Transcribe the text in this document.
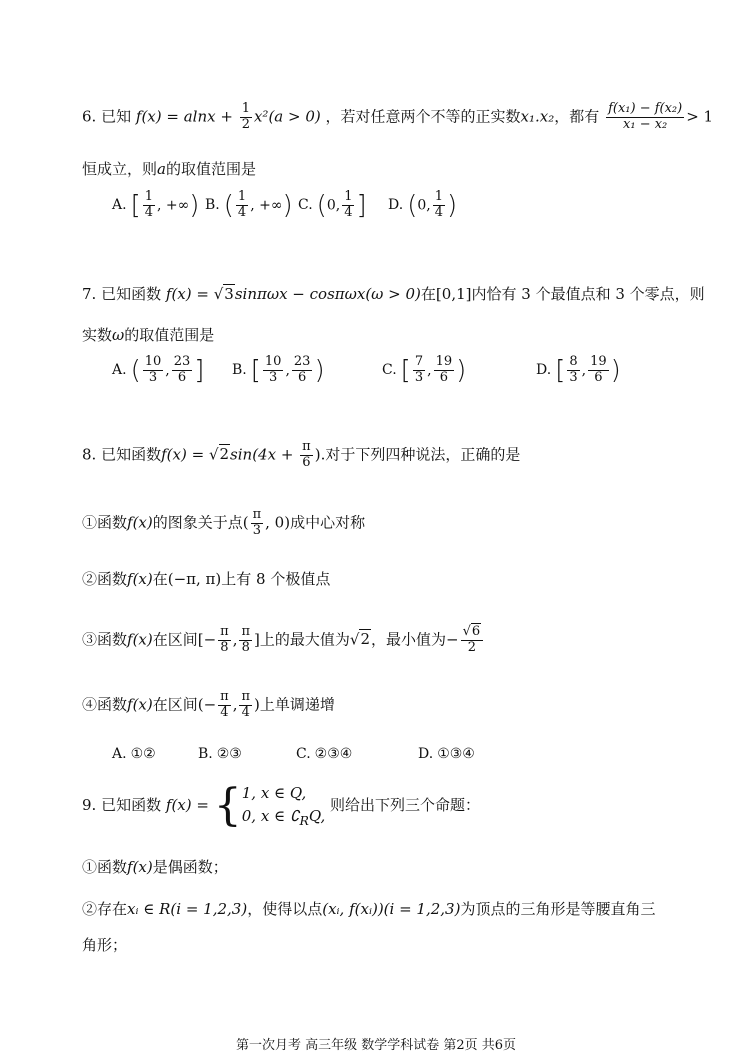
6. 已知 $f(x) = alnx + \frac{1}{2} x^2(a > 0)$ ，若对任意两个不等的正实数x₁.x₂，都有 $\frac{\text{f(x₁) − f(x₂)}}{\text{x₁ − x₂}} > 1$
恒成立，则a的取值范围是
A. [ $\frac{1}{4}$ , +∞) B. ( $\frac{1}{4}$ , +∞) C. (0, $\frac{1}{4}$ ] D. (0, $\frac{1}{4}$ )
7. 已知函数 f(x) = √3sinπωx − cosπωx(ω > 0)在[0,1]内恰有 3 个最值点和 3 个零点，则
实数ω的取值范围是
A. ( $\frac{10}{3}$ , $\frac{23}{6}$ ] B. [ $\frac{10}{3}$ , $\frac{23}{6}$ )	C. [ $\frac{7}{3}$ , $\frac{19}{6}$ )	D. [ $\frac{8}{3}$ , $\frac{19}{6}$ )
8. 已知函数$f(x) = √2\sin(4x + \frac{\pi}{6}$ ).对于下列四种说法，正确的是
①函数f(x)的图象关于点( $\frac{\pi}{3}$ , 0)成中心对称
②函数f(x)在(−π, π)上有 8 个极值点
③函数f(x)在区间[− $\frac{\pi}{8}$ , $\frac{\pi}{8}$ ]上的最大值为√2，最小值为− $\frac{√6}{2}$
④函数f(x)在区间(− $\frac{\pi}{4}$ , $\frac{\pi}{4}$ )上单调递增
A. ①②	B. ②③	C. ②③④	D. ①③④
9. 已知函数 f(x) = { 1, x ∈ Q,
0, x ∈ $∁_RQ$,
则给出下列三个命题：
①函数f(x)是偶函数；
②存在xᵢ ∈ R(i = 1,2,3)，使得以点(xᵢ, f(xᵢ))(i = 1,2,3)为顶点的三角形是等腰直角三
角形；
第一次月考 高三年级 数学学科试卷 第2页 共6页
